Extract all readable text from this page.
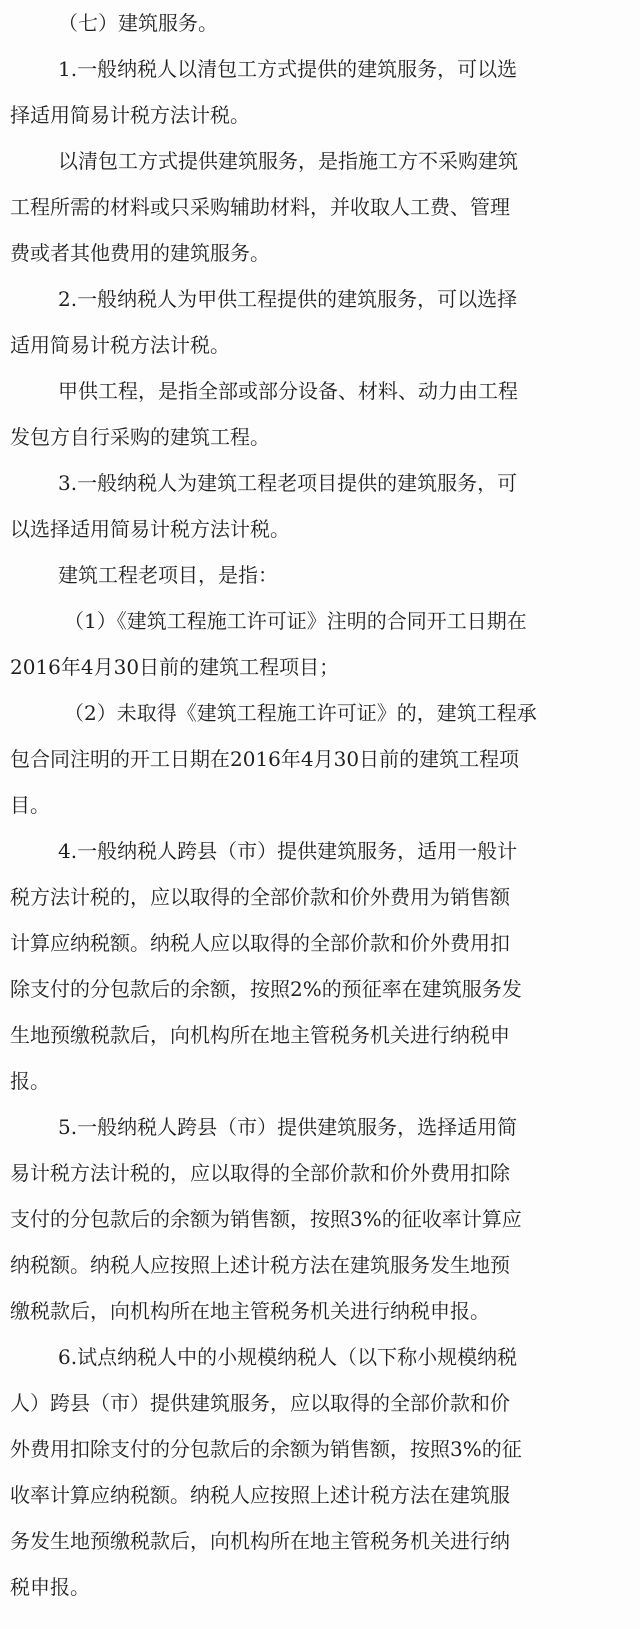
（七）建筑服务。
1.一般纳税人以清包工方式提供的建筑服务，可以选
择适用简易计税方法计税。
以清包工方式提供建筑服务，是指施工方不采购建筑
工程所需的材料或只采购辅助材料，并收取人工费、管理
费或者其他费用的建筑服务。
2.一般纳税人为甲供工程提供的建筑服务，可以选择
适用简易计税方法计税。
甲供工程，是指全部或部分设备、材料、动力由工程
发包方自行采购的建筑工程。
3.一般纳税人为建筑工程老项目提供的建筑服务，可
以选择适用简易计税方法计税。
建筑工程老项目，是指：
（1）《建筑工程施工许可证》注明的合同开工日期在
2016年4月30日前的建筑工程项目；
（2）未取得《建筑工程施工许可证》的，建筑工程承
包合同注明的开工日期在2016年4月30日前的建筑工程项
目。
4.一般纳税人跨县（市）提供建筑服务，适用一般计
税方法计税的，应以取得的全部价款和价外费用为销售额
计算应纳税额。纳税人应以取得的全部价款和价外费用扣
除支付的分包款后的余额，按照2%的预征率在建筑服务发
生地预缴税款后，向机构所在地主管税务机关进行纳税申
报。
5.一般纳税人跨县（市）提供建筑服务，选择适用简
易计税方法计税的，应以取得的全部价款和价外费用扣除
支付的分包款后的余额为销售额，按照3%的征收率计算应
纳税额。纳税人应按照上述计税方法在建筑服务发生地预
缴税款后，向机构所在地主管税务机关进行纳税申报。
6.试点纳税人中的小规模纳税人（以下称小规模纳税
人）跨县（市）提供建筑服务，应以取得的全部价款和价
外费用扣除支付的分包款后的余额为销售额，按照3%的征
收率计算应纳税额。纳税人应按照上述计税方法在建筑服
务发生地预缴税款后，向机构所在地主管税务机关进行纳
税申报。
